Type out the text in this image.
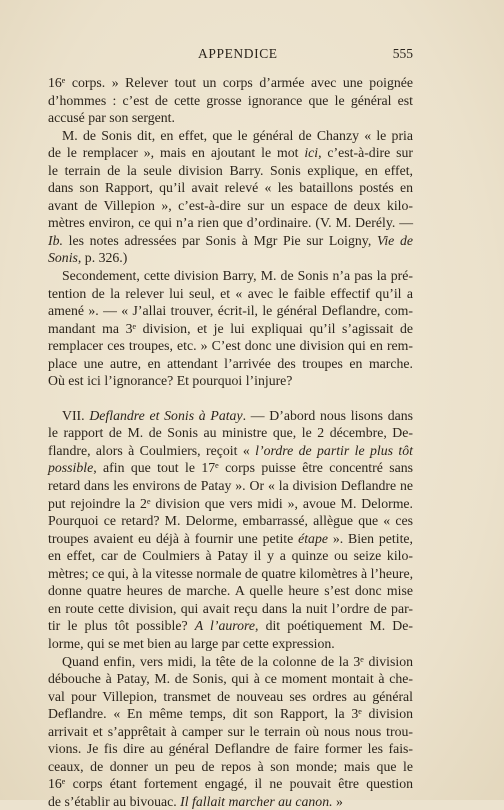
APPENDICE	555
16ᵉ corps. » Relever tout un corps d’armée avec une poignée
d’hommes : c’est de cette grosse ignorance que le général est
accusé par son sergent.
M. de Sonis dit, en effet, que le général de Chanzy « le pria
de le remplacer », mais en ajoutant le mot ici, c’est-à-dire sur
le terrain de la seule division Barry. Sonis explique, en effet,
dans son Rapport, qu’il avait relevé « les bataillons postés en
avant de Villepion », c’est-à-dire sur un espace de deux kilo-
mètres environ, ce qui n’a rien que d’ordinaire. (V. M. Derély. —
Ib. les notes adressées par Sonis à Mgr Pie sur Loigny, Vie de
Sonis, p. 326.)
Secondement, cette division Barry, M. de Sonis n’a pas la pré-
tention de la relever lui seul, et « avec le faible effectif qu’il a
amené ». — « J’allai trouver, écrit-il, le général Deflandre, com-
mandant ma 3ᵉ division, et je lui expliquai qu’il s’agissait de
remplacer ces troupes, etc. » C’est donc une division qui en rem-
place une autre, en attendant l’arrivée des troupes en marche.
Où est ici l’ignorance? Et pourquoi l’injure?
VII. Deflandre et Sonis à Patay. — D’abord nous lisons dans
le rapport de M. de Sonis au ministre que, le 2 décembre, De-
flandre, alors à Coulmiers, reçoit « l’ordre de partir le plus tôt
possible, afin que tout le 17ᵉ corps puisse être concentré sans
retard dans les environs de Patay ». Or « la division Deflandre ne
put rejoindre la 2ᵉ division que vers midi », avoue M. Delorme.
Pourquoi ce retard? M. Delorme, embarrassé, allègue que « ces
troupes avaient eu déjà à fournir une petite étape ». Bien petite,
en effet, car de Coulmiers à Patay il y a quinze ou seize kilo-
mètres; ce qui, à la vitesse normale de quatre kilomètres à l’heure,
donne quatre heures de marche. A quelle heure s’est donc mise
en route cette division, qui avait reçu dans la nuit l’ordre de par-
tir le plus tôt possible? A l’aurore, dit poétiquement M. De-
lorme, qui se met bien au large par cette expression.
Quand enfin, vers midi, la tête de la colonne de la 3ᵉ division
débouche à Patay, M. de Sonis, qui à ce moment montait à che-
val pour Villepion, transmet de nouveau ses ordres au général
Deflandre. « En même temps, dit son Rapport, la 3ᵉ division
arrivait et s’apprêtait à camper sur le terrain où nous nous trou-
vions. Je fis dire au général Deflandre de faire former les fais-
ceaux, de donner un peu de repos à son monde; mais que le
16ᵉ corps étant fortement engagé, il ne pouvait être question
de s’établir au bivouac. Il fallait marcher au canon. »
